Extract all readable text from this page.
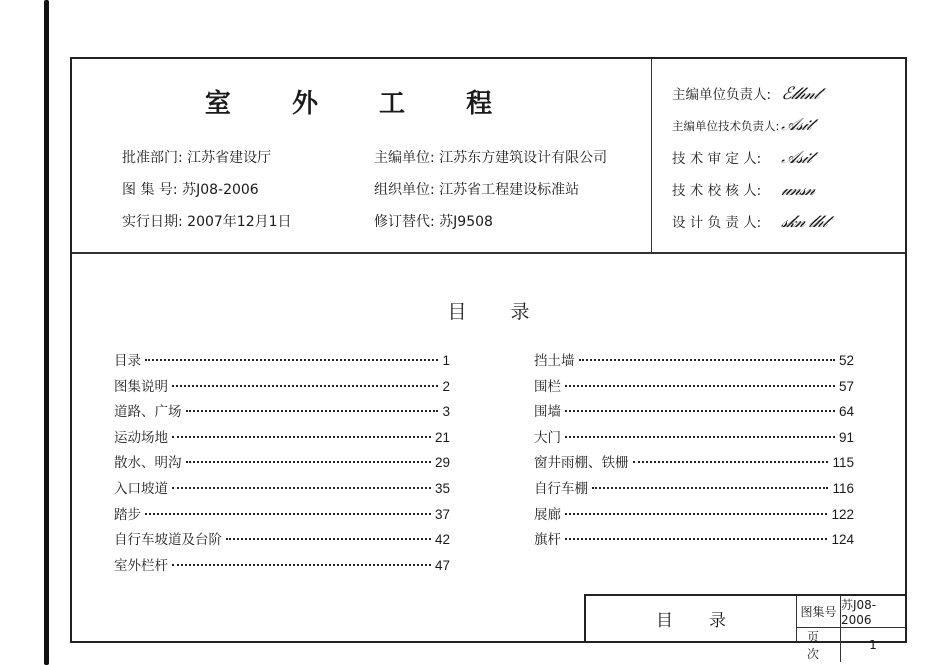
室 外 工 程
批准部门: 江苏省建设厅
图 集 号: 苏J08-2006
实行日期: 2007年12月1日
主编单位: 江苏东方建筑设计有限公司
组织单位: 江苏省工程建设标准站
修订替代: 苏J9508
主编单位负责人: ℰ𝓁𝒽𝓃𝓉
主编单位技术负责人: 𝒜𝓈𝒾𝓉
技 术 审 定 人: 𝒜𝓈𝒾𝓉
技 术 校 核 人: 𝓊𝓃𝓈𝓃
设 计 负 责 人: 𝓈𝓀𝓃 𝓁𝒽𝓉
目录
目录	1
图集说明	2
道路、广场	3
运动场地	21
散水、明沟	29
入口坡道	35
踏步	37
自行车坡道及台阶	42
室外栏杆	47
挡土墙	52
围栏	57
围墙	64
大门	91
窗井雨棚、铁栅	115
自行车棚	116
展廊	122
旗杆	124
目录	图集号 苏J08-2006
页次
1
